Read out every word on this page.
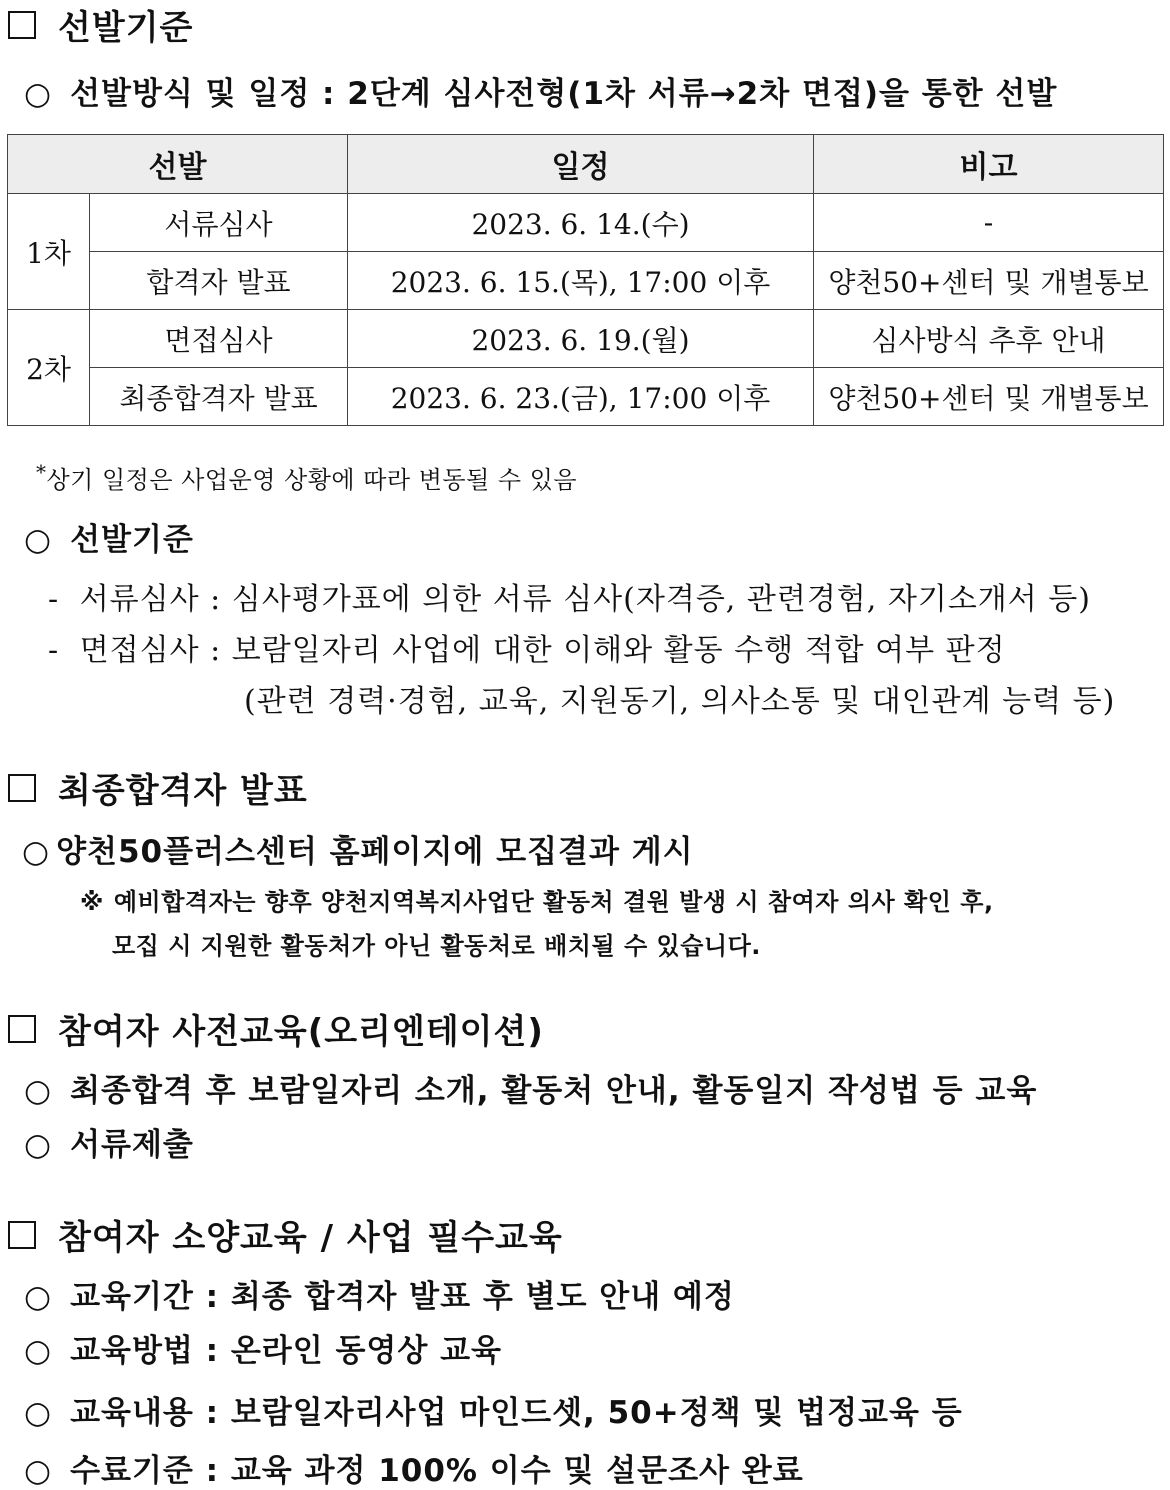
선발기준
○ 선발방식 및 일정 : 2단계 심사전형(1차 서류→2차 면접)을 통한 선발
선발		일정	비고
1차	서류심사	2023. 6. 14.(수)	-
	합격자 발표	2023. 6. 15.(목), 17:00 이후	양천50+센터 및 개별통보
2차	면접심사	2023. 6. 19.(월)	심사방식 추후 안내
	최종합격자 발표	2023. 6. 23.(금), 17:00 이후	양천50+센터 및 개별통보
*상기 일정은 사업운영 상황에 따라 변동될 수 있음
○ 선발기준
- 서류심사 : 심사평가표에 의한 서류 심사(자격증, 관련경험, 자기소개서 등)
- 면접심사 : 보람일자리 사업에 대한 이해와 활동 수행 적합 여부 판정
(관련 경력·경험, 교육, 지원동기, 의사소통 및 대인관계 능력 등)
최종합격자 발표
○ 양천50플러스센터 홈페이지에 모집결과 게시
※ 예비합격자는 향후 양천지역복지사업단 활동처 결원 발생 시 참여자 의사 확인 후,
모집 시 지원한 활동처가 아닌 활동처로 배치될 수 있습니다.
참여자 사전교육(오리엔테이션)
○ 최종합격 후 보람일자리 소개, 활동처 안내, 활동일지 작성법 등 교육
○ 서류제출
참여자 소양교육 / 사업 필수교육
○ 교육기간 : 최종 합격자 발표 후 별도 안내 예정
○ 교육방법 : 온라인 동영상 교육
○ 교육내용 : 보람일자리사업 마인드셋, 50+정책 및 법정교육 등
○ 수료기준 : 교육 과정 100% 이수 및 설문조사 완료
